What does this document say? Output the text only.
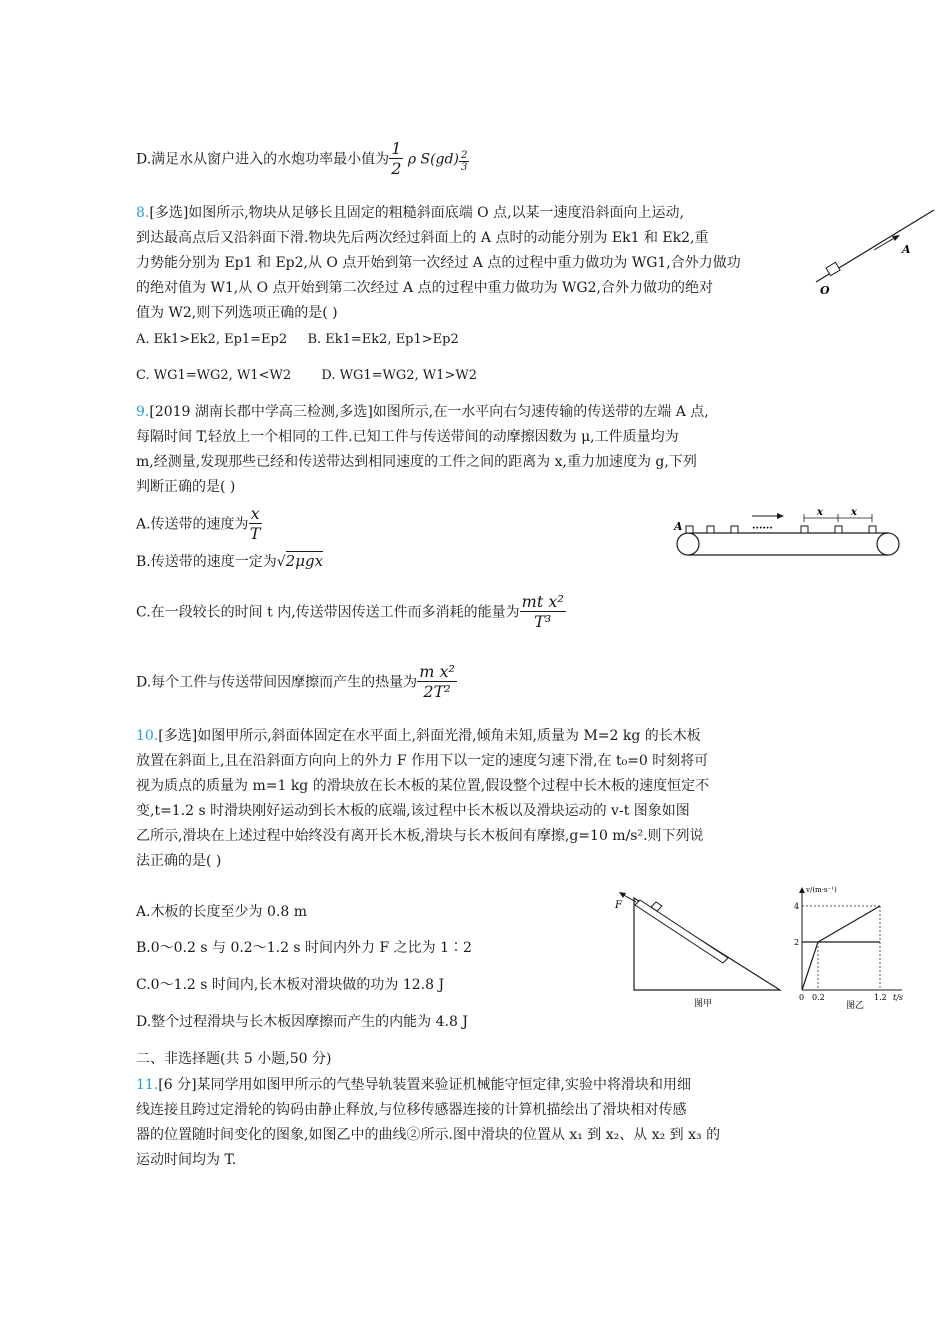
D.满足水从窗户进入的水炮功率最小值为 $\frac{1}{2}$ ρ $S(gd) \frac{2}{3}$
8.[多选]如图所示,物块从足够长且固定的粗糙斜面底端 O 点,以某一速度沿斜面向上运动,
到达最高点后又沿斜面下滑.物块先后两次经过斜面上的 A 点时的动能分别为 Ek1 和 Ek2,重
力势能分别为 Ep1 和 Ep2,从 O 点开始到第一次经过 A 点的过程中重力做功为 WG1,合外力做功
的绝对值为 W1,从 O 点开始到第二次经过 A 点的过程中重力做功为 WG2,合外力做功的绝对
值为 W2,则下列选项正确的是( )
A. Ek1>Ek2, Ep1=Ep2 B. Ek1=Ek2, Ep1>Ep2
C. WG1=WG2, W1<W2 D. WG1=WG2, W1>W2
A
O
9.[2019 湖南长郡中学高三检测,多选]如图所示,在一水平向右匀速传输的传送带的左端 A 点,
每隔时间 T,轻放上一个相同的工件.已知工件与传送带间的动摩擦因数为 μ,工件质量均为
m,经测量,发现那些已经和传送带达到相同速度的工件之间的距离为 x,重力加速度为 g,下列
判断正确的是( )
A.传送带的速度为 $\frac{x}{T}$
B.传送带的速度一定为√2μgx
C.在一段较长的时间 t 内,传送带因传送工件而多消耗的能量为 $\frac{\text{mt x²}}{\text{T³}}$
D.每个工件与传送带间因摩擦而产生的热量为 $\frac{\text{m x²}}{\text{2T²}}$
A	······
x	x
10.[多选]如图甲所示,斜面体固定在水平面上,斜面光滑,倾角未知,质量为 M=2 kg 的长木板
放置在斜面上,且在沿斜面方向向上的外力 F 作用下以一定的速度匀速下滑,在 t₀=0 时刻将可
视为质点的质量为 m=1 kg 的滑块放在长木板的某位置,假设整个过程中长木板的速度恒定不
变,t=1.2 s 时滑块刚好运动到长木板的底端,该过程中长木板以及滑块运动的 v-t 图象如图
乙所示,滑块在上述过程中始终没有离开长木板,滑块与长木板间有摩擦,g=10 m/s².则下列说
法正确的是( )
A.木板的长度至少为 0.8 m
B.0～0.2 s 与 0.2～1.2 s 时间内外力 F 之比为 1∶2
C.0～1.2 s 时间内,长木板对滑块做的功为 12.8 J
D.整个过程滑块与长木板因摩擦而产生的内能为 4.8 J
F
图甲
v/(m·s⁻¹)
4
2
0 0.2	1.2 t/s
图乙
二、非选择题(共 5 小题,50 分)
11.[6 分]某同学用如图甲所示的气垫导轨装置来验证机械能守恒定律,实验中将滑块和用细
线连接且跨过定滑轮的钩码由静止释放,与位移传感器连接的计算机描绘出了滑块相对传感
器的位置随时间变化的图象,如图乙中的曲线②所示.图中滑块的位置从 x₁ 到 x₂、从 x₂ 到 x₃ 的
运动时间均为 T.
